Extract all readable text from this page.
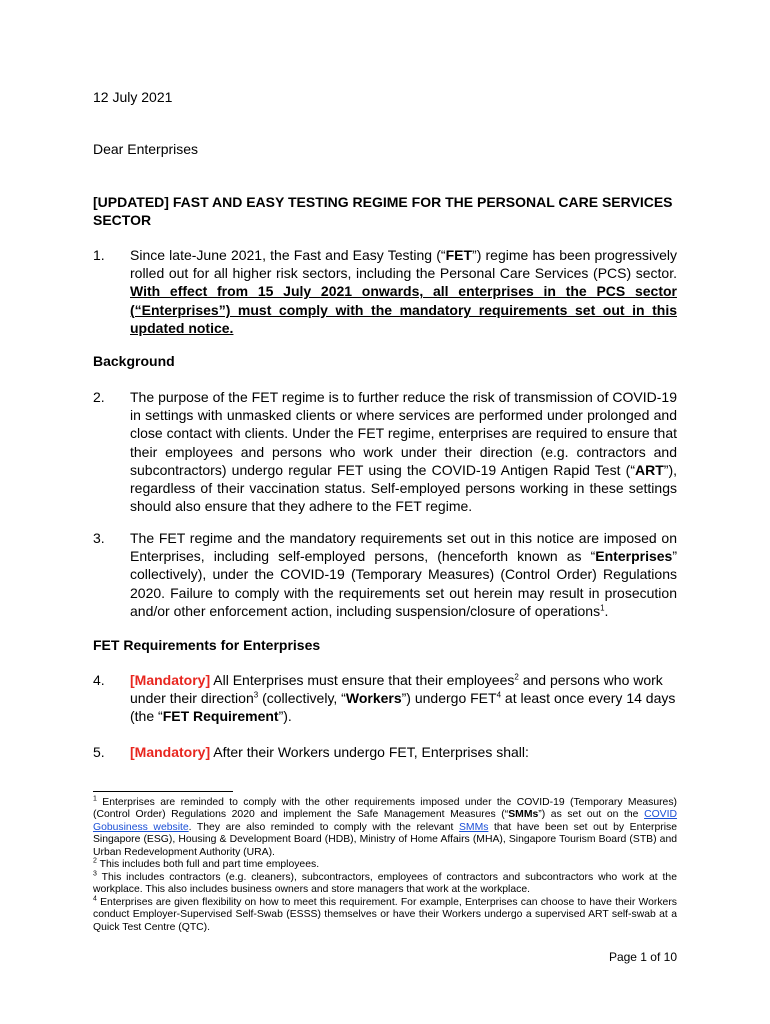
12 July 2021
Dear Enterprises
[UPDATED] FAST AND EASY TESTING REGIME FOR THE PERSONAL CARE SERVICES SECTOR
1.	Since late-June 2021, the Fast and Easy Testing (“FET”) regime has been progressively rolled out for all higher risk sectors, including the Personal Care Services (PCS) sector. With effect from 15 July 2021 onwards, all enterprises in the PCS sector (“Enterprises”) must comply with the mandatory requirements set out in this updated notice.
Background
2.	The purpose of the FET regime is to further reduce the risk of transmission of COVID-19 in settings with unmasked clients or where services are performed under prolonged and close contact with clients. Under the FET regime, enterprises are required to ensure that their employees and persons who work under their direction (e.g. contractors and subcontractors) undergo regular FET using the COVID-19 Antigen Rapid Test (“ART”), regardless of their vaccination status. Self-employed persons working in these settings should also ensure that they adhere to the FET regime.
3.	The FET regime and the mandatory requirements set out in this notice are imposed on Enterprises, including self-employed persons, (henceforth known as “Enterprises” collectively), under the COVID-19 (Temporary Measures) (Control Order) Regulations 2020. Failure to comply with the requirements set out herein may result in prosecution and/or other enforcement action, including suspension/closure of operations$^1$.
FET Requirements for Enterprises
4.	[Mandatory] All Enterprises must ensure that their employees$^2$ and persons who work under their direction$^3$ (collectively, “Workers”) undergo FET$^4$ at least once every 14 days (the “FET Requirement”).
5.	[Mandatory] After their Workers undergo FET, Enterprises shall:
$^1$ Enterprises are reminded to comply with the other requirements imposed under the COVID-19 (Temporary Measures) (Control Order) Regulations 2020 and implement the Safe Management Measures (“SMMs”) as set out on the COVID Gobusiness website. They are also reminded to comply with the relevant SMMs that have been set out by Enterprise Singapore (ESG), Housing & Development Board (HDB), Ministry of Home Affairs (MHA), Singapore Tourism Board (STB) and Urban Redevelopment Authority (URA).
$^2$ This includes both full and part time employees.
$^3$ This includes contractors (e.g. cleaners), subcontractors, employees of contractors and subcontractors who work at the workplace. This also includes business owners and store managers that work at the workplace.
$^4$ Enterprises are given flexibility on how to meet this requirement. For example, Enterprises can choose to have their Workers conduct Employer-Supervised Self-Swab (ESSS) themselves or have their Workers undergo a supervised ART self-swab at a Quick Test Centre (QTC).
Page 1 of 10
